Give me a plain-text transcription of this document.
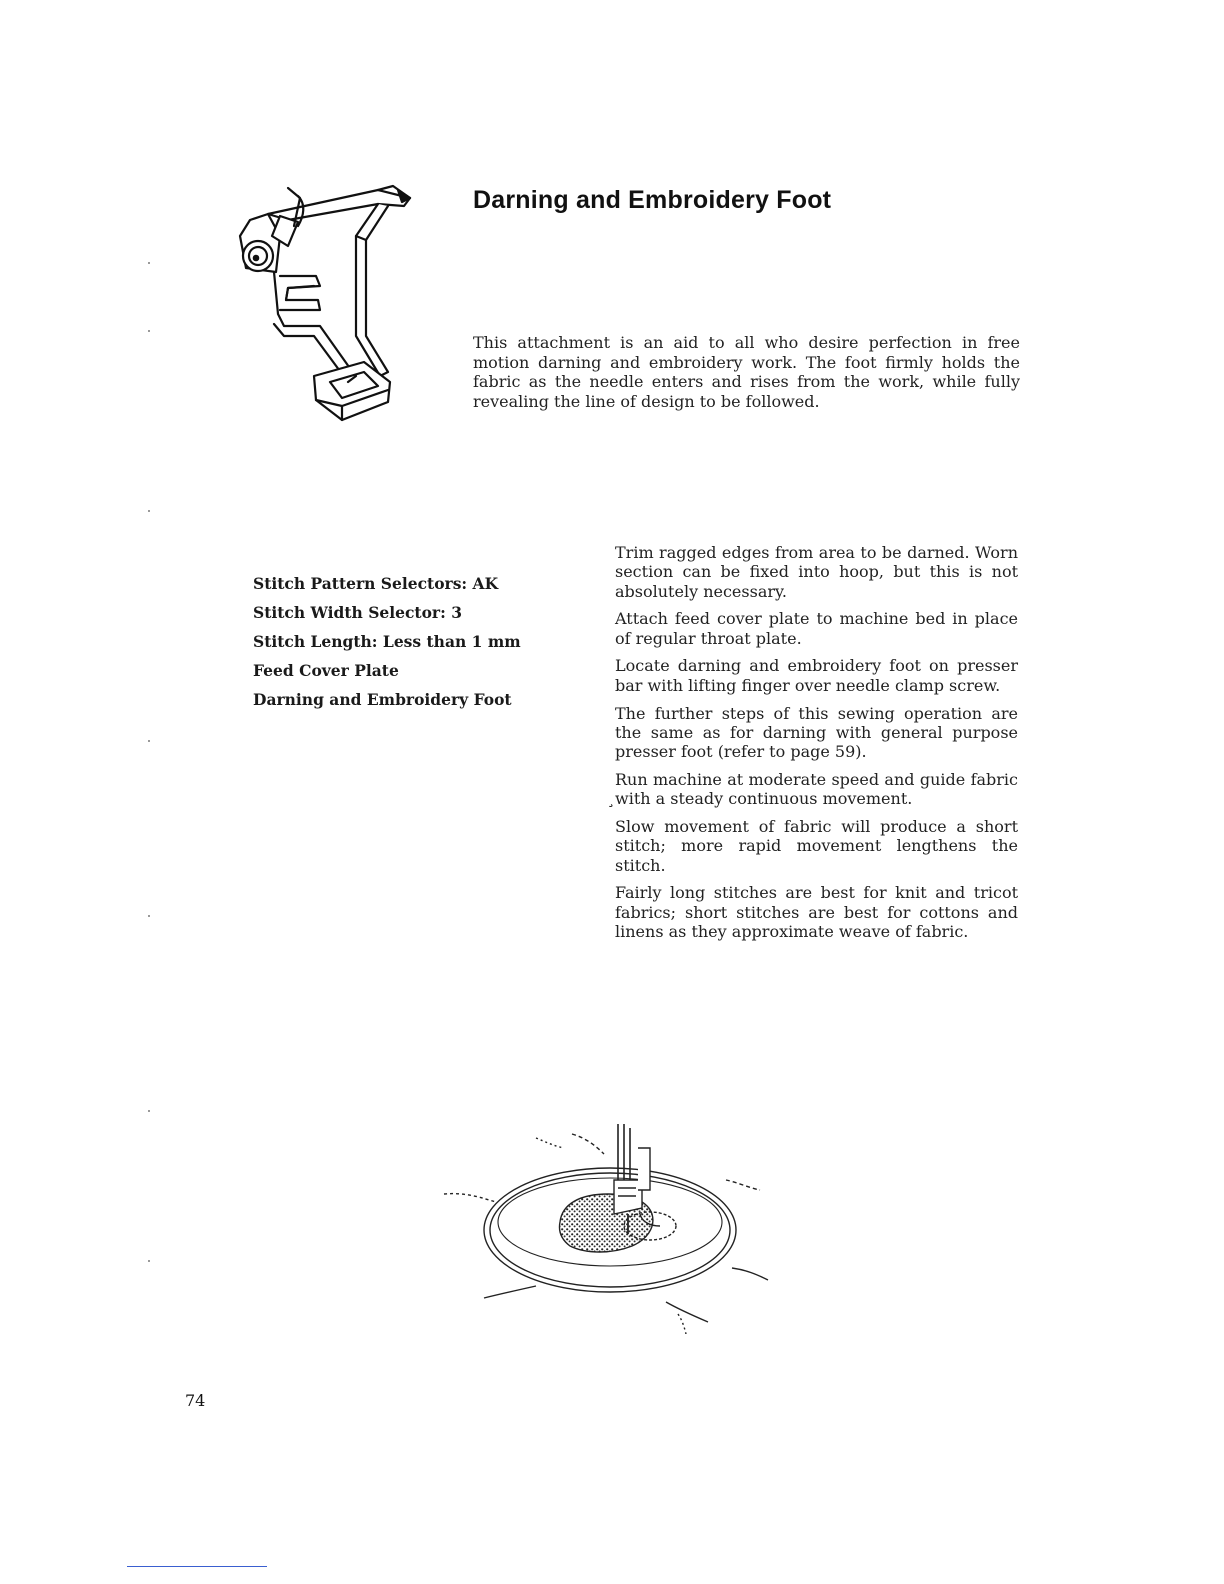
Darning and Embroidery Foot
This attachment is an aid to all who desire perfection in free motion darning and embroidery work. The foot firmly holds the fabric as the needle enters and rises from the work, while fully revealing the line of design to be followed.
Stitch Pattern Selectors: AK
Stitch Width Selector: 3
Stitch Length: Less than 1 mm
Feed Cover Plate
Darning and Embroidery Foot

Trim ragged edges from area to be darned. Worn section can be fixed into hoop, but this is not absolutely necessary.

Attach feed cover plate to machine bed in place of regular throat plate.

Locate darning and embroidery foot on presser bar with lifting finger over needle clamp screw.

The further steps of this sewing operation are the same as for darning with general purpose presser foot (refer to page 59).

Run machine at moderate speed and guide fabric ̧with a steady continuous movement.

Slow movement of fabric will produce a short stitch; more rapid movement lengthens the stitch.

Fairly long stitches are best for knit and tricot fabrics; short stitches are best for cottons and linens as they approximate weave of fabric.

74
